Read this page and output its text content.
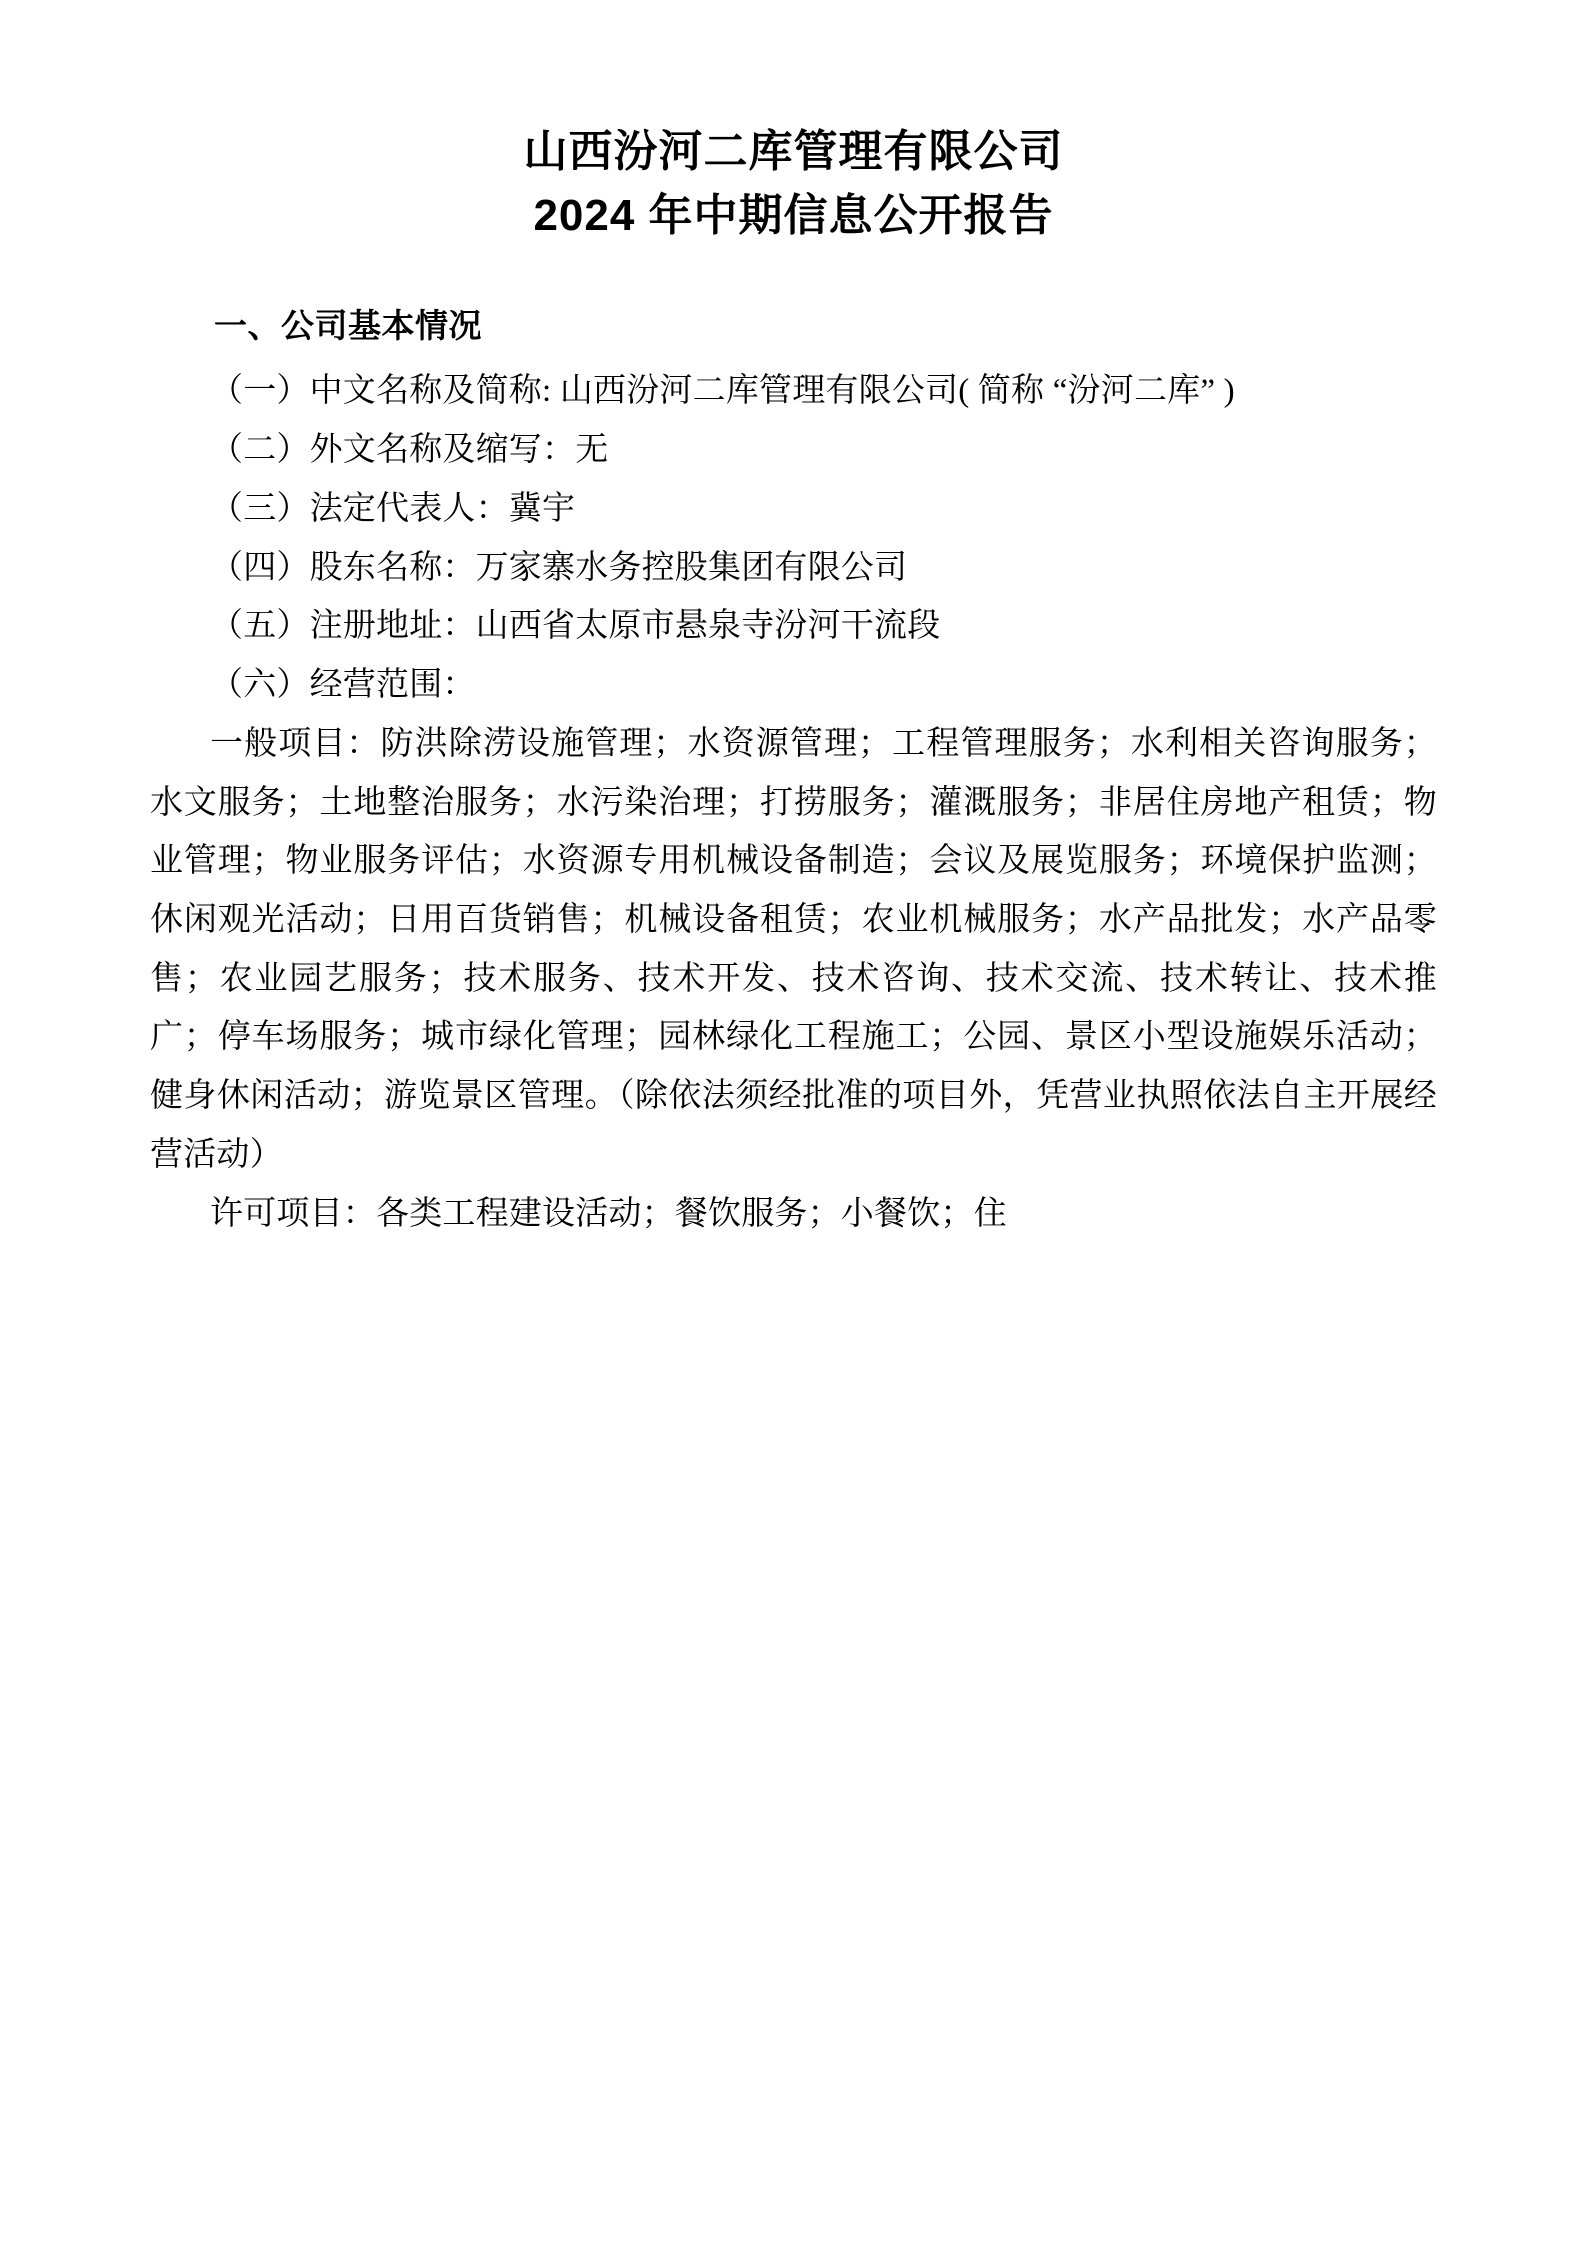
山西汾河二库管理有限公司
2024 年中期信息公开报告
一、公司基本情况

（一）中文名称及简称: 山西汾河二库管理有限公司( 简称 “汾河二库” )

（二）外文名称及缩写：无

（三）法定代表人：冀宇

（四）股东名称：万家寨水务控股集团有限公司

（五）注册地址：山西省太原市悬泉寺汾河干流段

（六）经营范围：

一般项目：防洪除涝设施管理；水资源管理；工程管理服务；水利相关咨询服务；水文服务；土地整治服务；水污染治理；打捞服务；灌溉服务；非居住房地产租赁；物业管理；物业服务评估；水资源专用机械设备制造；会议及展览服务；环境保护监测；休闲观光活动；日用百货销售；机械设备租赁；农业机械服务；水产品批发；水产品零售；农业园艺服务；技术服务、技术开发、技术咨询、技术交流、技术转让、技术推广；停车场服务；城市绿化管理；园林绿化工程施工；公园、景区小型设施娱乐活动；健身休闲活动；游览景区管理。（除依法须经批准的项目外，凭营业执照依法自主开展经营活动）

许可项目：各类工程建设活动；餐饮服务；小餐饮；住
